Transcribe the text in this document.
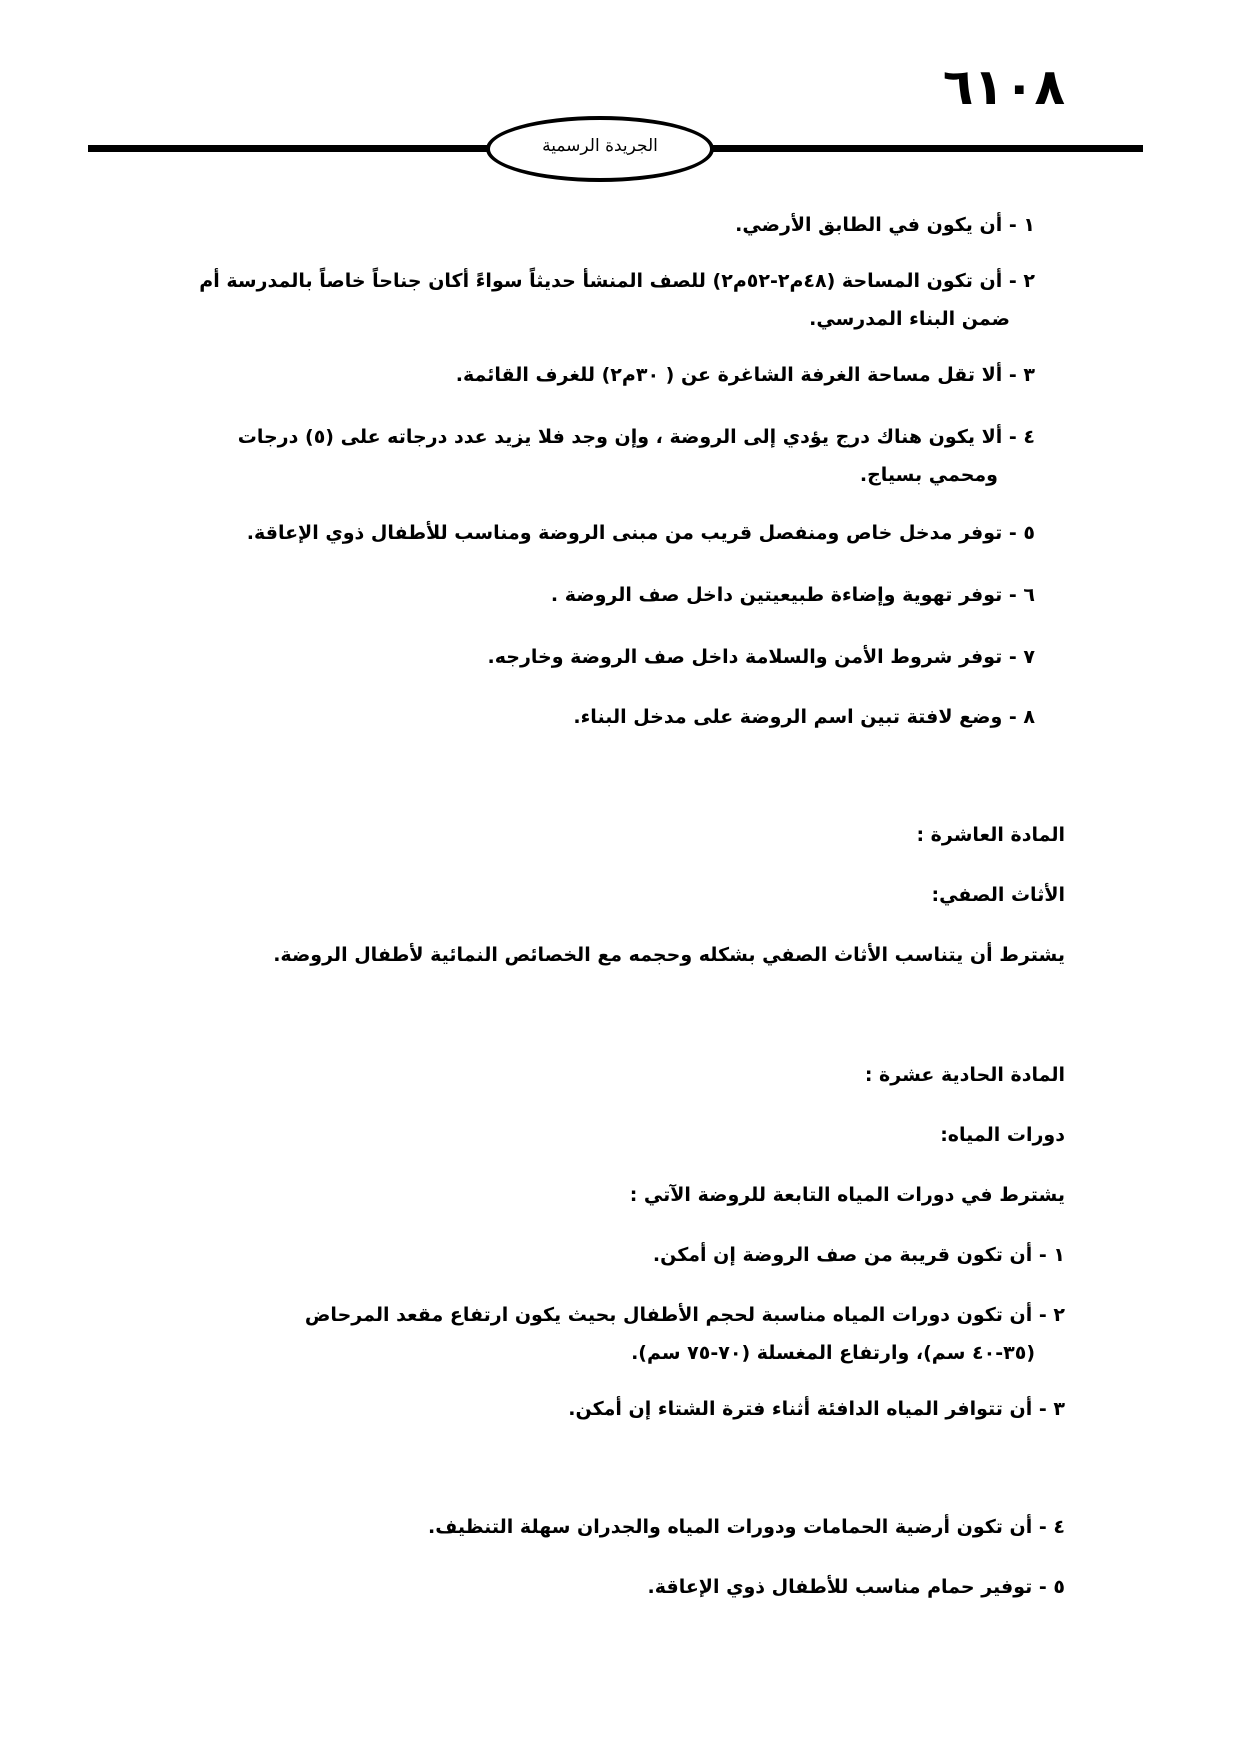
٦١٠٨
الجريدة الرسمية
١ - أن يكون في الطابق الأرضي.
٢ - أن تكون المساحة (٤٨م٢-٥٢م٢) للصف المنشأ حديثاً سواءً أكان جناحاً خاصاً بالمدرسة أم
ضمن البناء المدرسي.
٣ - ألا تقل مساحة الغرفة الشاغرة عن ( ٣٠م٢) للغرف القائمة.
٤ - ألا يكون هناك درج يؤدي إلى الروضة ، وإن وجد فلا يزيد عدد درجاته على (٥) درجات
ومحمي بسياج.
٥ - توفر مدخل خاص ومنفصل قريب من مبنى الروضة ومناسب للأطفال ذوي الإعاقة.
٦ - توفر تهوية وإضاءة طبيعيتين داخل صف الروضة .
٧ - توفر شروط الأمن والسلامة داخل صف الروضة وخارجه.
٨ - وضع لافتة تبين اسم الروضة على مدخل البناء.
المادة العاشرة :
الأثاث الصفي:
يشترط أن يتناسب الأثاث الصفي بشكله وحجمه مع الخصائص النمائية لأطفال الروضة.
المادة الحادية عشرة :
دورات المياه:
يشترط في دورات المياه التابعة للروضة الآتي :
١ - أن تكون قريبة من صف الروضة إن أمكن.
٢ - أن تكون دورات المياه مناسبة لحجم الأطفال بحيث يكون ارتفاع مقعد المرحاض
(٣٥-٤٠ سم)، وارتفاع المغسلة (٧٠-٧٥ سم).
٣ - أن تتوافر المياه الدافئة أثناء فترة الشتاء إن أمكن.
٤ - أن تكون أرضية الحمامات ودورات المياه والجدران سهلة التنظيف.
٥ - توفير حمام مناسب للأطفال ذوي الإعاقة.
